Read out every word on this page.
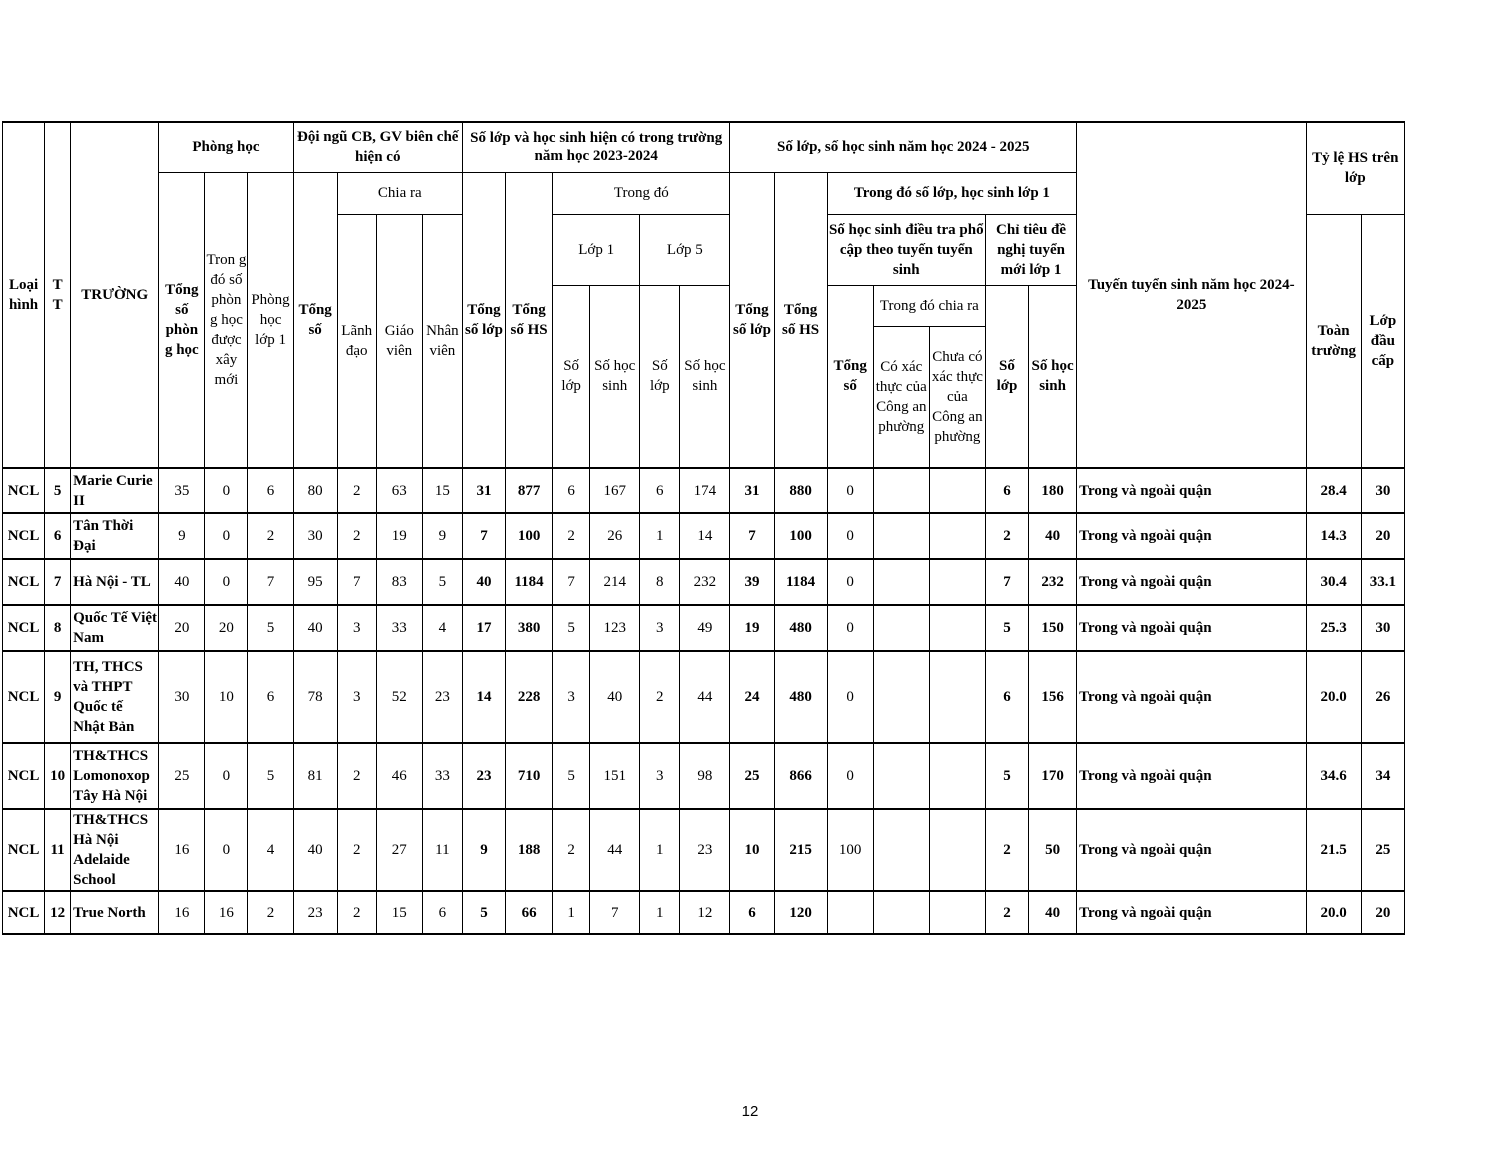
Loại hình	T T	TRƯỜNG	Phòng học			Đội ngũ CB, GV biên chế hiện có				Số lớp và học sinh hiện có trong trường năm học 2023-2024						Số lớp, số học sinh năm học 2024 - 2025							Tuyến tuyển sinh năm học 2024-2025	Tỷ lệ HS trên lớp	
			Tổng số phòn g học	Tron g đó số phòn g học được xây mới	Phòng học lớp 1	Tổng số	Chia ra			Tổng số lớp	Tổng số HS	Trong đó				Tổng số lớp	Tổng số HS	Trong đó số lớp, học sinh lớp 1							
							Lãnh đạo	Giáo viên	Nhân viên			Lớp 1		Lớp 5				Số học sinh điều tra phổ cập theo tuyến tuyển sinh			Chỉ tiêu đề nghị tuyển mới lớp 1			Toàn trường	Lớp đầu cấp
												Số lớp	Số học sinh	Số lớp	Số học sinh			Tổng số	Trong đó chia ra		Số lớp	Số học sinh			
																			Có xác thực của Công an phường	Chưa có xác thực của Công an phường					
NCL	5	Marie Curie II	35	0	6	80	2	63	15	31	877	6	167	6	174	31	880	0			6	180	Trong và ngoài quận	28.4	30
NCL	6	Tân Thời Đại	9	0	2	30	2	19	9	7	100	2	26	1	14	7	100	0			2	40	Trong và ngoài quận	14.3	20
NCL	7	Hà Nội - TL	40	0	7	95	7	83	5	40	1184	7	214	8	232	39	1184	0			7	232	Trong và ngoài quận	30.4	33.1
NCL	8	Quốc Tế Việt Nam	20	20	5	40	3	33	4	17	380	5	123	3	49	19	480	0			5	150	Trong và ngoài quận	25.3	30
NCL	9	TH, THCS và THPT Quốc tế Nhật Bản	30	10	6	78	3	52	23	14	228	3	40	2	44	24	480	0			6	156	Trong và ngoài quận	20.0	26
NCL	10	TH&THCS Lomonoxop Tây Hà Nội	25	0	5	81	2	46	33	23	710	5	151	3	98	25	866	0			5	170	Trong và ngoài quận	34.6	34
NCL	11	TH&THCS Hà Nội Adelaide School	16	0	4	40	2	27	11	9	188	2	44	1	23	10	215	100			2	50	Trong và ngoài quận	21.5	25
NCL	12	True North	16	16	2	23	2	15	6	5	66	1	7	1	12	6	120				2	40	Trong và ngoài quận	20.0	20
12
